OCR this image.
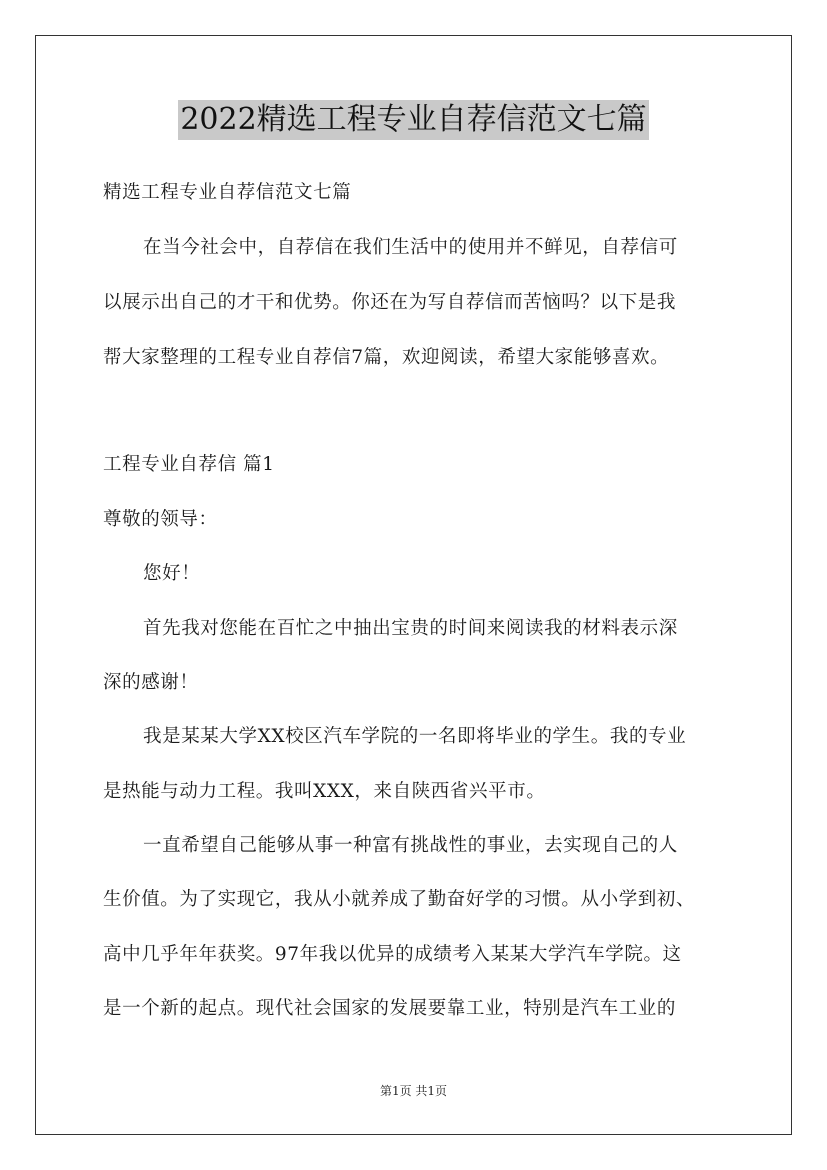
2022精选工程专业自荐信范文七篇
精选工程专业自荐信范文七篇
在当今社会中，自荐信在我们生活中的使用并不鲜见，自荐信可
以展示出自己的才干和优势。你还在为写自荐信而苦恼吗？以下是我
帮大家整理的工程专业自荐信7篇，欢迎阅读，希望大家能够喜欢。
工程专业自荐信 篇1
尊敬的领导：
您好！
首先我对您能在百忙之中抽出宝贵的时间来阅读我的材料表示深
深的感谢！
我是某某大学XX校区汽车学院的一名即将毕业的学生。我的专业
是热能与动力工程。我叫XXX，来自陕西省兴平市。
一直希望自己能够从事一种富有挑战性的事业，去实现自己的人
生价值。为了实现它，我从小就养成了勤奋好学的习惯。从小学到初、
高中几乎年年获奖。97年我以优异的成绩考入某某大学汽车学院。这
是一个新的起点。现代社会国家的发展要靠工业，特别是汽车工业的
第1页 共1页
